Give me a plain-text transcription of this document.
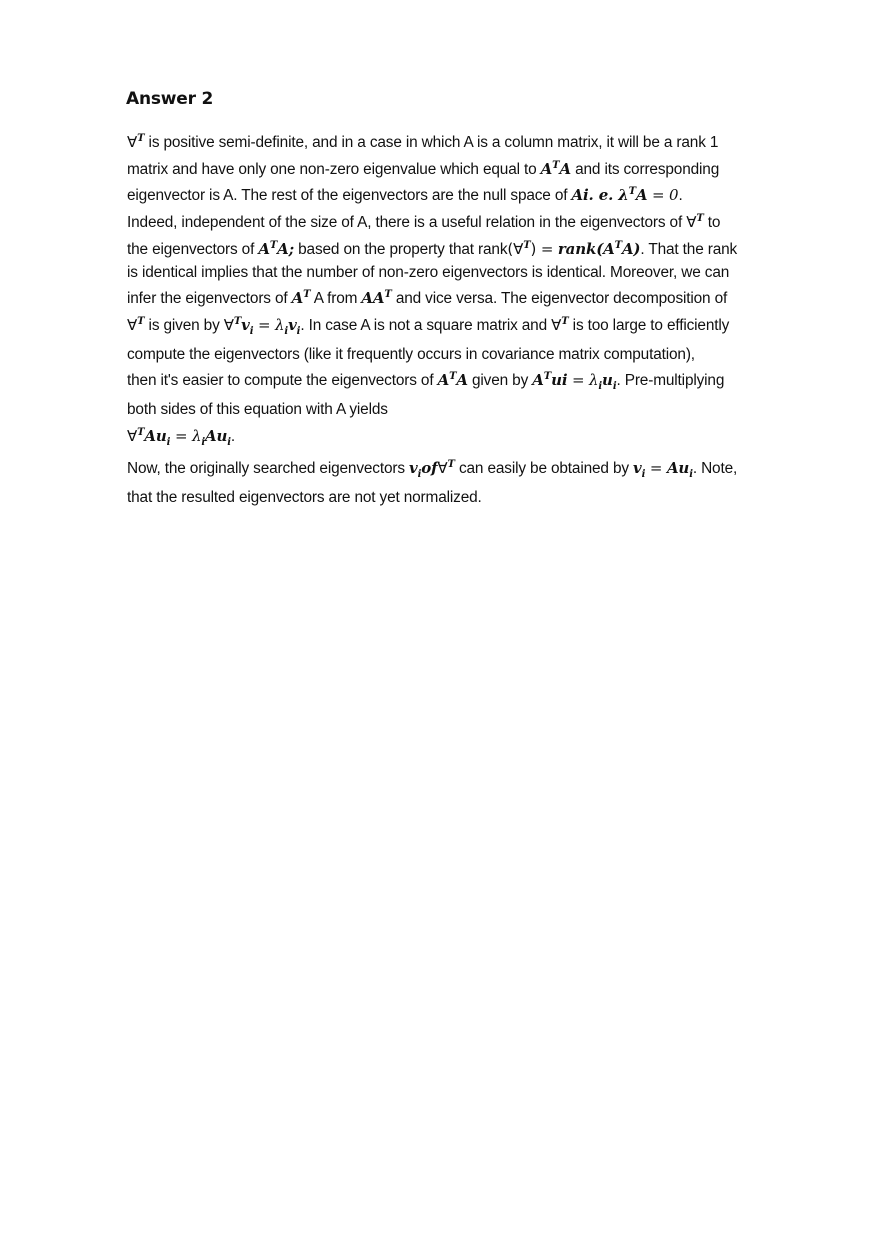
Answer 2
∀$^T$ is positive semi-definite, and in a case in which A is a column matrix, it will be a rank 1
matrix and have only one non-zero eigenvalue which equal to $A^TA$ and its corresponding
eigenvector is A. The rest of the eigenvectors are the null space of Ai. e. $\lambda^TA = 0$.
Indeed, independent of the size of A, there is a useful relation in the eigenvectors of ∀$^T$ to
the eigenvectors of $A^TA$; based on the property that rank(∀$^T$) = $rank(A^TA)$. That the rank
is identical implies that the number of non-zero eigenvectors is identical. Moreover, we can
infer the eigenvectors of $A^T$ A from $AA^T$ and vice versa. The eigenvector decomposition of
∀$^T$ is given by $\forall^Tv_i = \lambda_iv_i$. In case A is not a square matrix and ∀$^T$ is too large to efficiently
compute the eigenvectors (like it frequently occurs in covariance matrix computation),
then it's easier to compute the eigenvectors of $A^TA$ given by $A^Tui = \lambda_iu_i$. Pre-multiplying
both sides of this equation with A yields
$\forall^TAu_i = \lambda_iAu_i$.
Now, the originally searched eigenvectors $v_iof\forall^T$ can easily be obtained by $v_i = Au_i$. Note,
that the resulted eigenvectors are not yet normalized.
